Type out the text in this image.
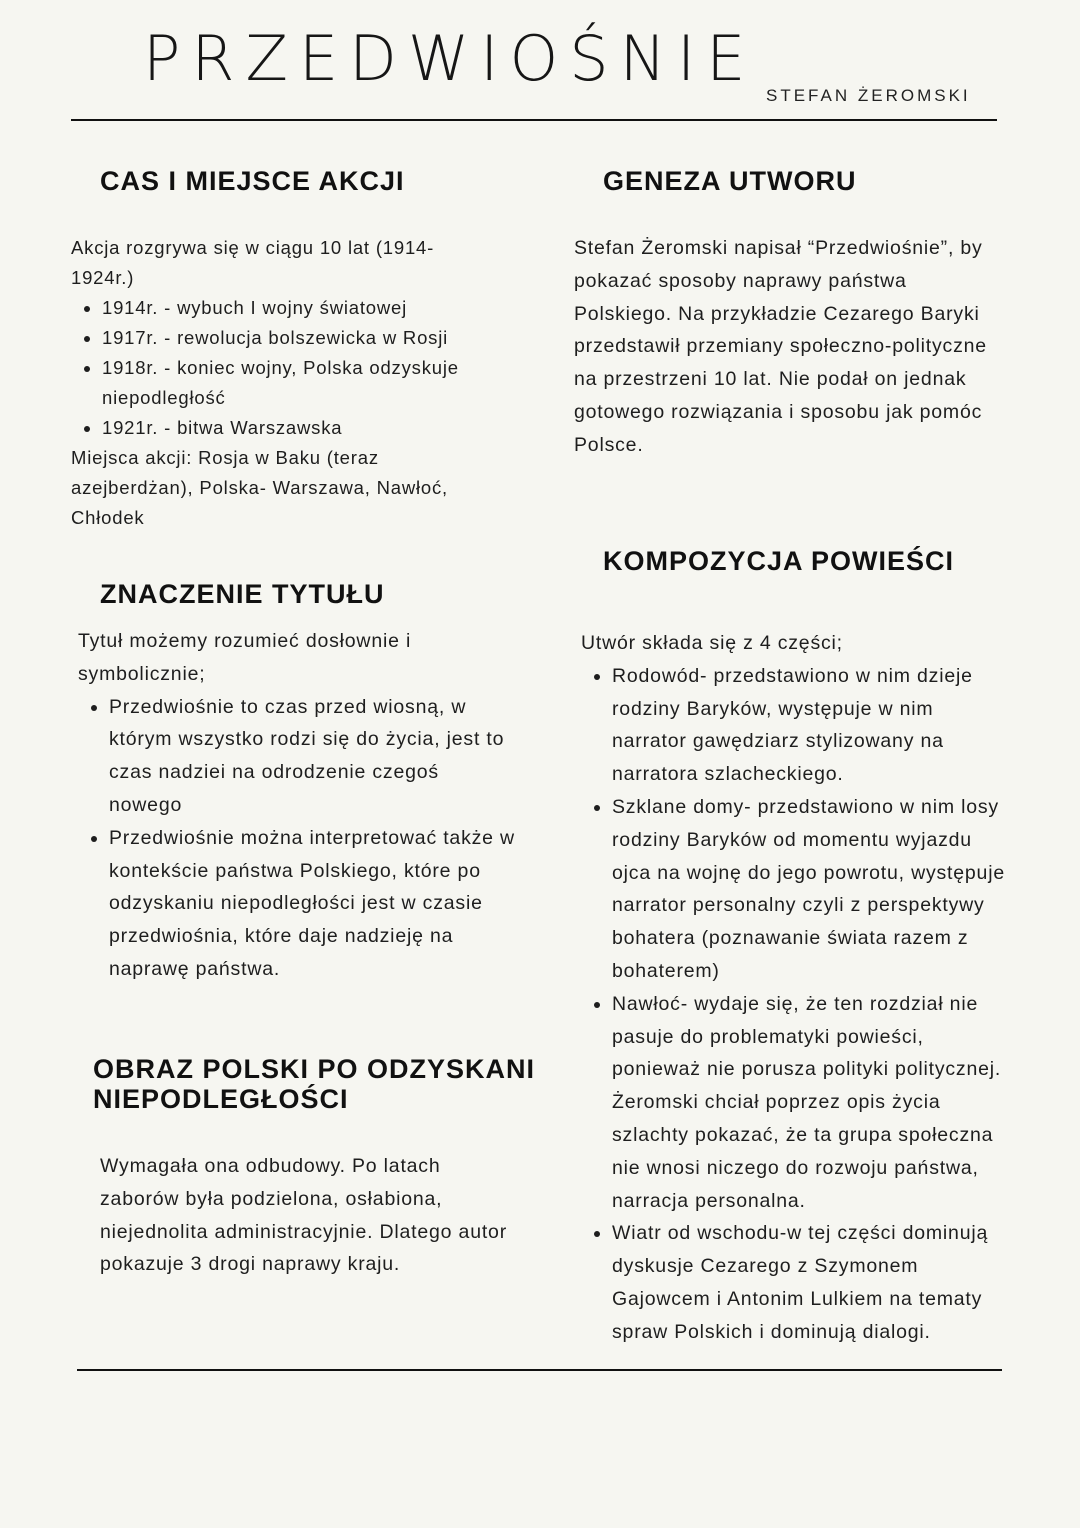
PRZEDWIOŚNIE
STEFAN ŻEROMSKI
CAS I MIEJSCE AKCJI

Akcja rozgrywa się w ciągu 10 lat (1914-1924r.)

• 1914r. - wybuch I wojny światowej
• 1917r. - rewolucja bolszewicka w Rosji
• 1918r. - koniec wojny, Polska odzyskuje niepodległość
• 1921r. - bitwa Warszawska

Miejsca akcji: Rosja w Baku (teraz azejberdżan), Polska- Warszawa, Nawłoć, Chłodek

ZNACZENIE TYTUŁU

Tytuł możemy rozumieć dosłownie i symbolicznie;

• Przedwiośnie to czas przed wiosną, w którym wszystko rodzi się do życia, jest to czas nadziei na odrodzenie czegoś nowego
• Przedwiośnie można interpretować także w kontekście państwa Polskiego, które po odzyskaniu niepodległości jest w czasie przedwiośnia, które daje nadzieję na naprawę państwa.
OBRAZ POLSKI PO ODZYSKANI NIEPODLEGŁOŚCI

Wymagała ona odbudowy. Po latach zaborów była podzielona, osłabiona, niejednolita administracyjnie. Dlatego autor pokazuje 3 drogi naprawy kraju.

GENEZA UTWORU

Stefan Żeromski napisał “Przedwiośnie”, by pokazać sposoby naprawy państwa Polskiego. Na przykładzie Cezarego Baryki przedstawił przemiany społeczno-polityczne na przestrzeni 10 lat. Nie podał on jednak gotowego rozwiązania i sposobu jak pomóc Polsce.

KOMPOZYCJA POWIEŚCI

Utwór składa się z 4 części;

• Rodowód- przedstawiono w nim dzieje rodziny Baryków, występuje w nim narrator gawędziarz stylizowany na narratora szlacheckiego.
• Szklane domy- przedstawiono w nim losy rodziny Baryków od momentu wyjazdu ojca na wojnę do jego powrotu, występuje narrator personalny czyli z perspektywy bohatera (poznawanie świata razem z bohaterem)
• Nawłoć- wydaje się, że ten rozdział nie pasuje do problematyki powieści, ponieważ nie porusza polityki politycznej. Żeromski chciał poprzez opis życia szlachty pokazać, że ta grupa społeczna nie wnosi niczego do rozwoju państwa, narracja personalna.
• Wiatr od wschodu-w tej części dominują dyskusje Cezarego z Szymonem Gajowcem i Antonim Lulkiem na tematy spraw Polskich i dominują dialogi.
